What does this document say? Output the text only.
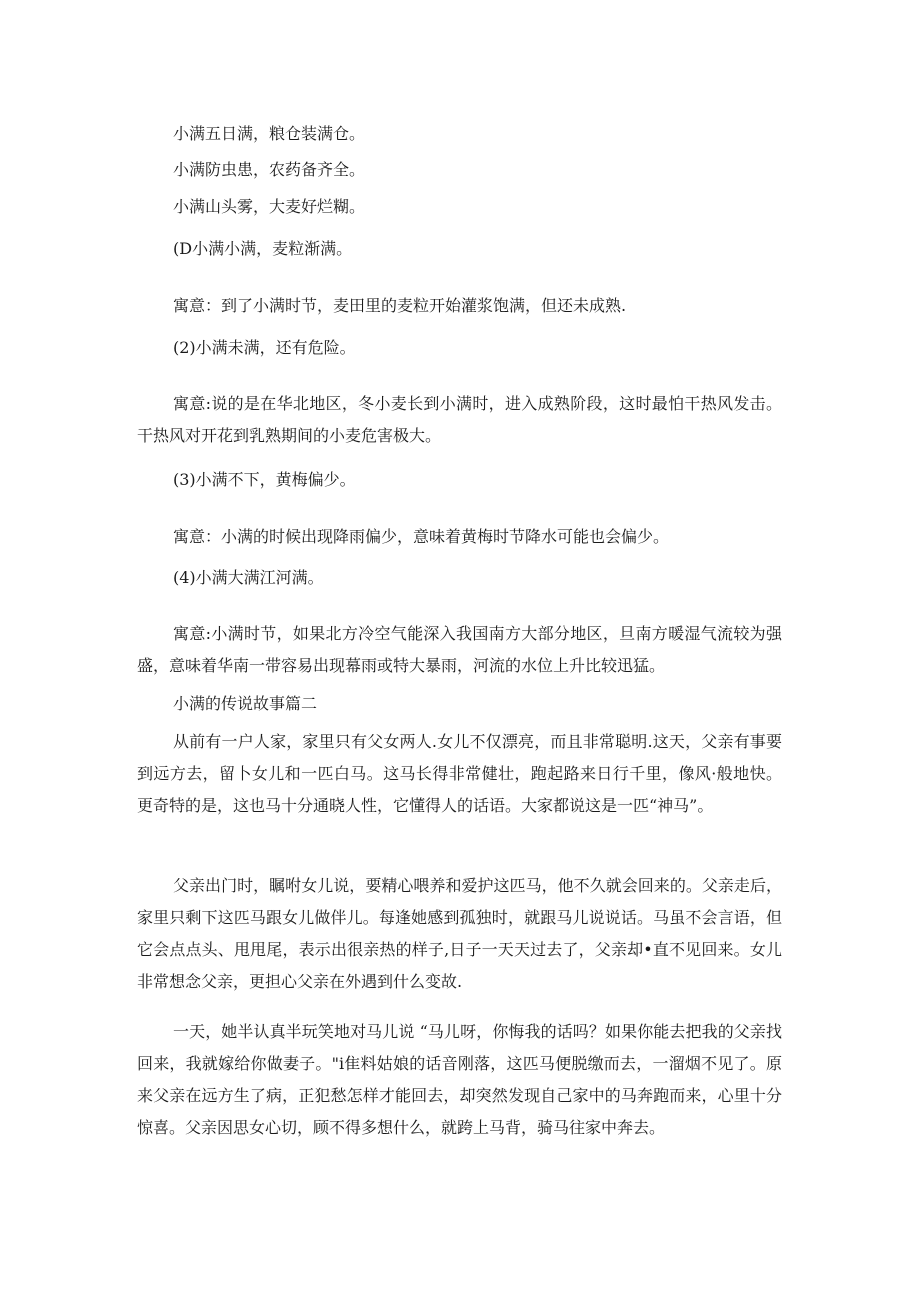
小满五日满，粮仓装满仓。
小满防虫患，农药备齐全。
小满山头雾，大麦好烂糊。
(D小满小满，麦粒渐满。
寓意：到了小满时节，麦田里的麦粒开始灌浆饱满，但还未成熟.
(2)小满未满，还有危险。

寓意:说的是在华北地区，冬小麦长到小满时，进入成熟阶段，这时最怕干热风发击。干热风对开花到乳熟期间的小麦危害极大。

(3)小满不下，黄梅偏少。
寓意：小满的时候出现降雨偏少，意味着黄梅时节降水可能也会偏少。
(4)小满大满江河满。

寓意:小满时节，如果北方冷空气能深入我国南方大部分地区，旦南方暖湿气流较为强盛，意味着华南一带容易出现幕雨或特大暴雨，河流的水位上升比较迅猛。

小满的传说故事篇二

从前有一户人家，家里只有父女两人.女儿不仅漂亮，而且非常聪明.这天，父亲有事要到远方去，留卜女儿和一匹白马。这马长得非常健壮，跑起路来日行千里，像风·般地快。更奇特的是，这也马十分通晓人性，它懂得人的话语。大家都说这是一匹“神马”。

父亲出门时，瞩咐女儿说，要精心喂养和爱护这匹马，他不久就会回来的。父亲走后，家里只剩下这匹马跟女儿做伴儿。每逢她感到孤独时，就跟马儿说说话。马虽不会言语，但它会点点头、甩甩尾，表示出很亲热的样子,日子一天天过去了，父亲却•直不见回来。女儿非常想念父亲，更担心父亲在外遇到什么变故.

一天，她半认真半玩笑地对马儿说 “马儿呀，你悔我的话吗？如果你能去把我的父亲找回来，我就嫁给你做妻子。"i隹料姑娘的话音刚落，这匹马便脱缴而去，一溜烟不见了。原来父亲在远方生了病，正犯愁怎样才能回去，却突然发现自己家中的马奔跑而来，心里十分惊喜。父亲因思女心切，顾不得多想什么，就跨上马背，骑马往家中奔去。
